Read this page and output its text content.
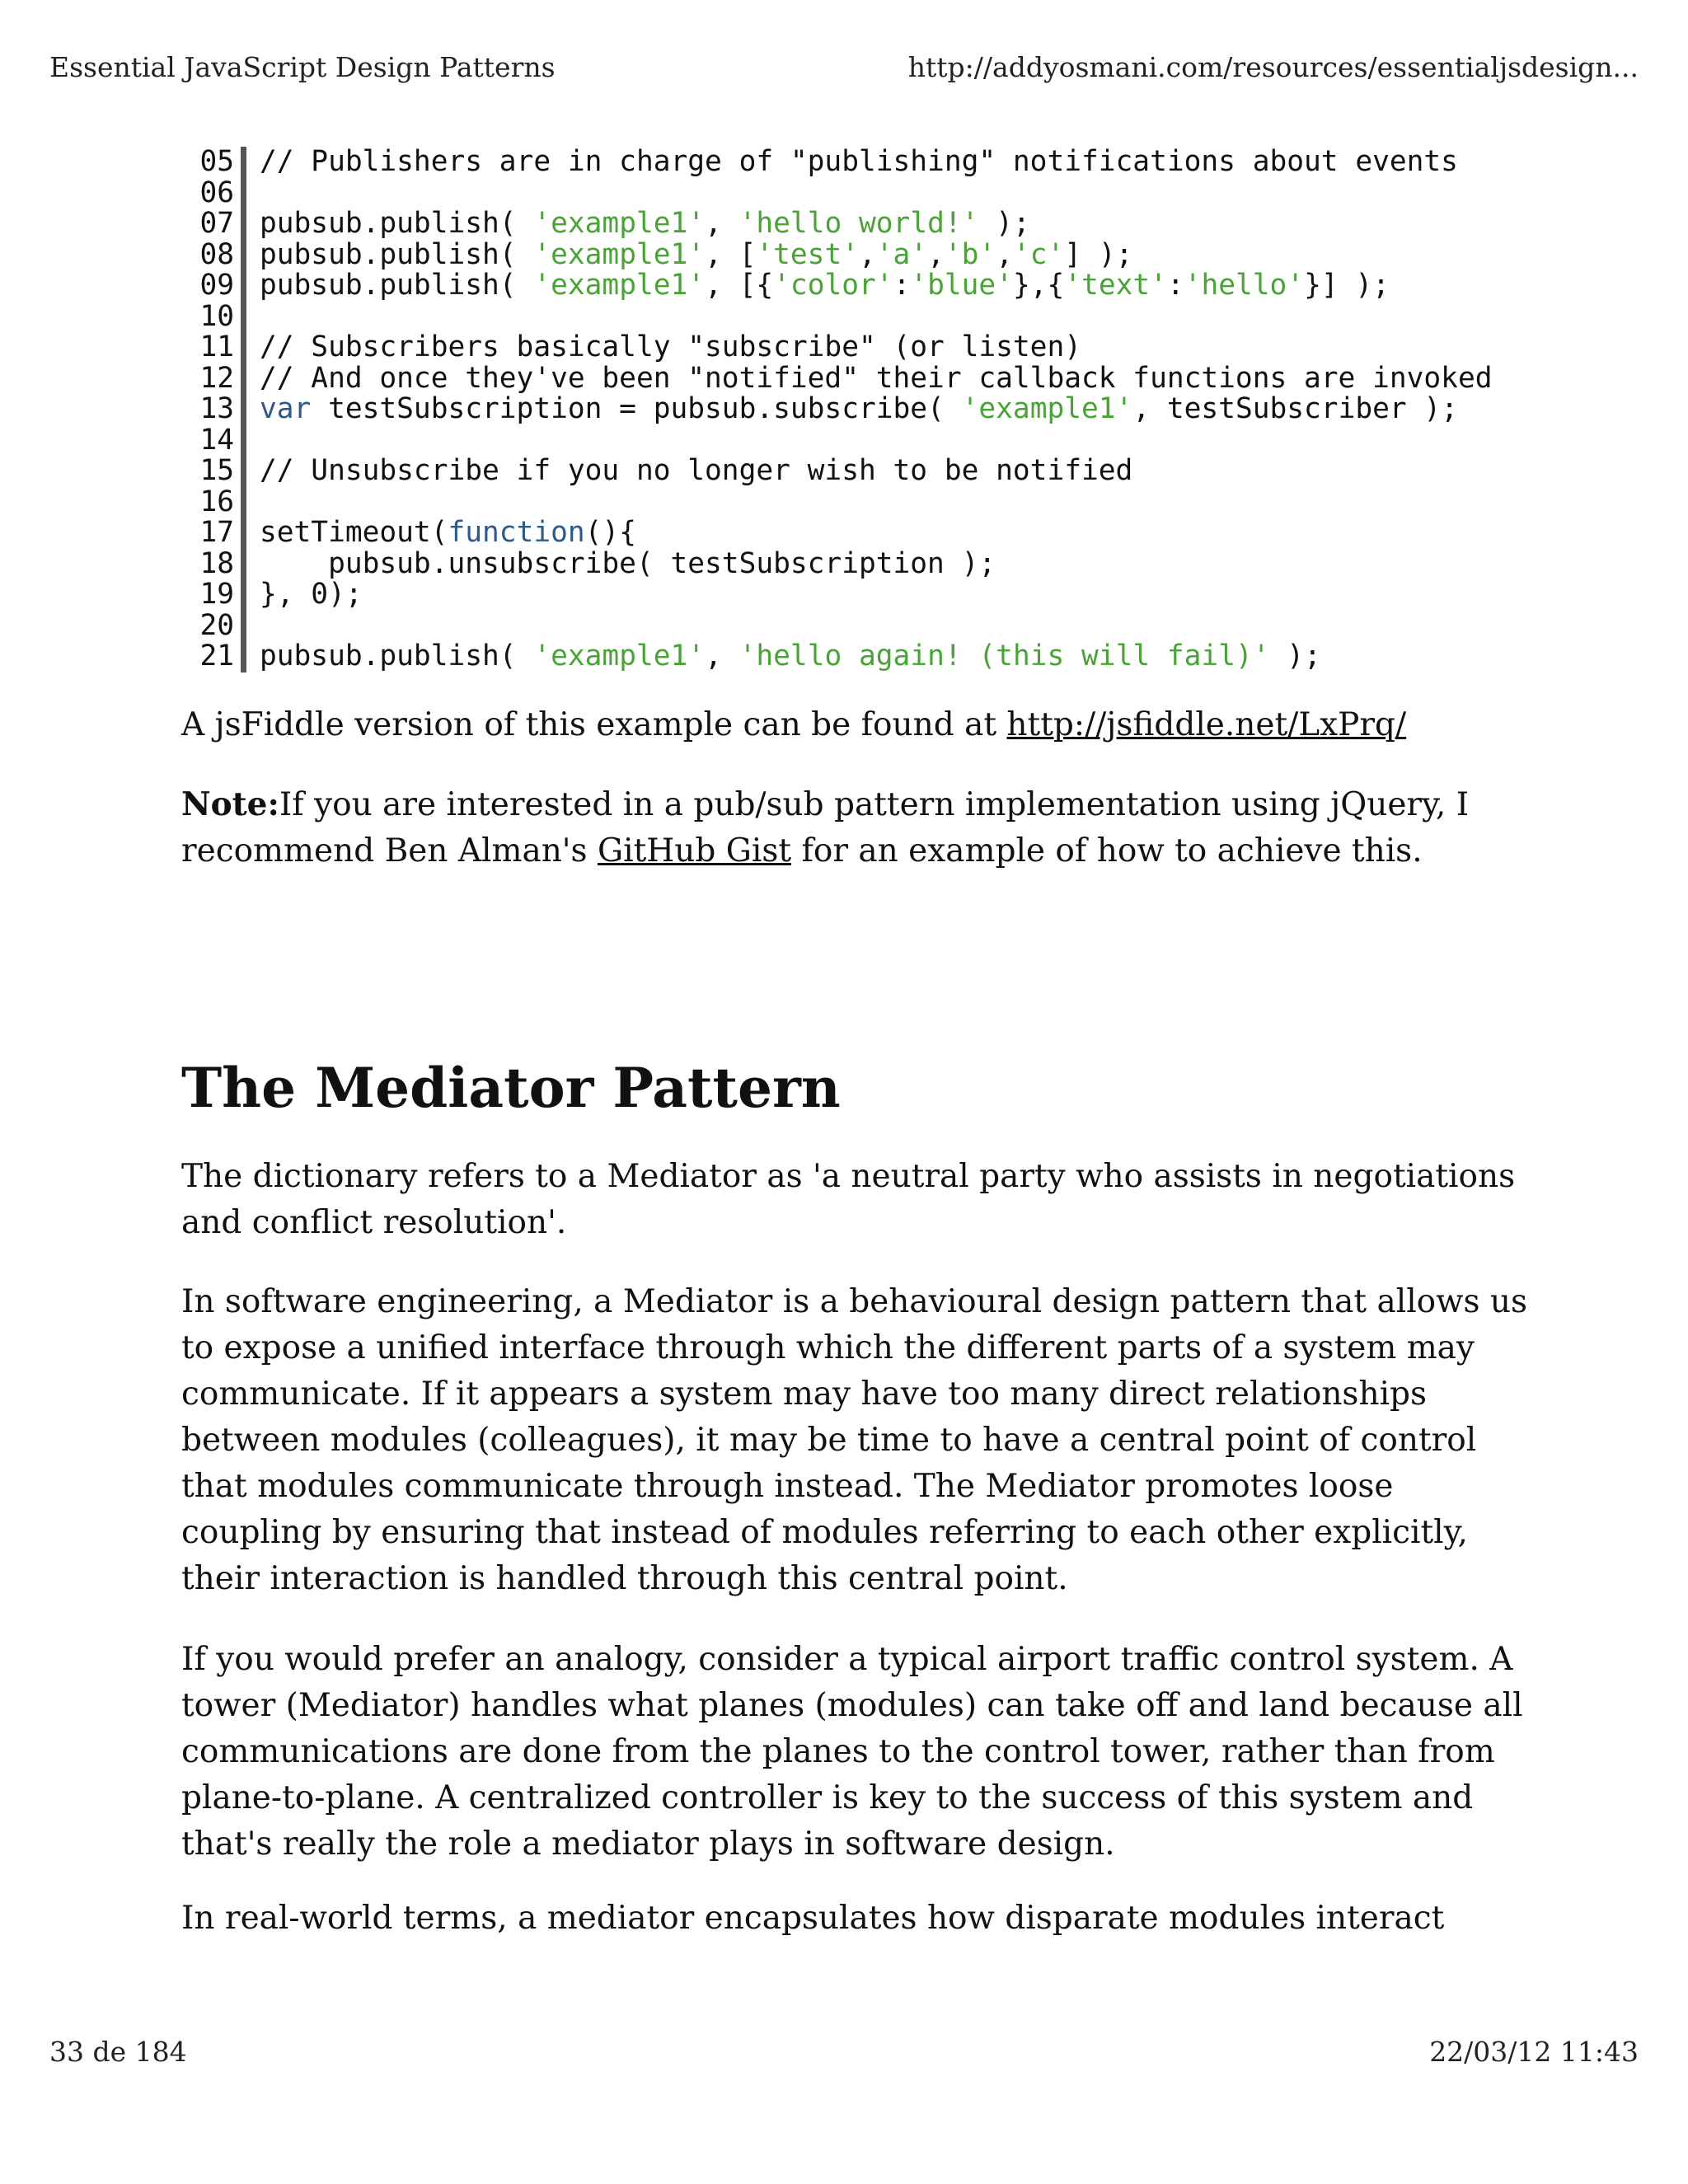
Essential JavaScript Design Patterns	http://addyosmani.com/resources/essentialjsdesign...
05 // Publishers are in charge of "publishing" notifications about events
06
07 pubsub.publish( 'example1', 'hello world!' );
08 pubsub.publish( 'example1', ['test','a','b','c'] );
09 pubsub.publish( 'example1', [{'color':'blue'},{'text':'hello'}] );
10
11 // Subscribers basically "subscribe" (or listen)
12 // And once they've been "notified" their callback functions are invoked
13 var testSubscription = pubsub.subscribe( 'example1', testSubscriber );
14
15 // Unsubscribe if you no longer wish to be notified
16
17 setTimeout(function(){
18 pubsub.unsubscribe( testSubscription );
19 }, 0);
20
21 pubsub.publish( 'example1', 'hello again! (this will fail)' );

A jsFiddle version of this example can be found at http://jsfiddle.net/LxPrq/

Note:If you are interested in a pub/sub pattern implementation using jQuery, I recommend Ben Alman's GitHub Gist for an example of how to achieve this.

The Mediator Pattern

The dictionary refers to a Mediator as 'a neutral party who assists in negotiations and conflict resolution'.

In software engineering, a Mediator is a behavioural design pattern that allows us to expose a unified interface through which the different parts of a system may communicate. If it appears a system may have too many direct relationships between modules (colleagues), it may be time to have a central point of control that modules communicate through instead. The Mediator promotes loose coupling by ensuring that instead of modules referring to each other explicitly, their interaction is handled through this central point.

If you would prefer an analogy, consider a typical airport traffic control system. A tower (Mediator) handles what planes (modules) can take off and land because all communications are done from the planes to the control tower, rather than from plane-to-plane. A centralized controller is key to the success of this system and that's really the role a mediator plays in software design.

In real-world terms, a mediator encapsulates how disparate modules interact

33 de 184	22/03/12 11:43
